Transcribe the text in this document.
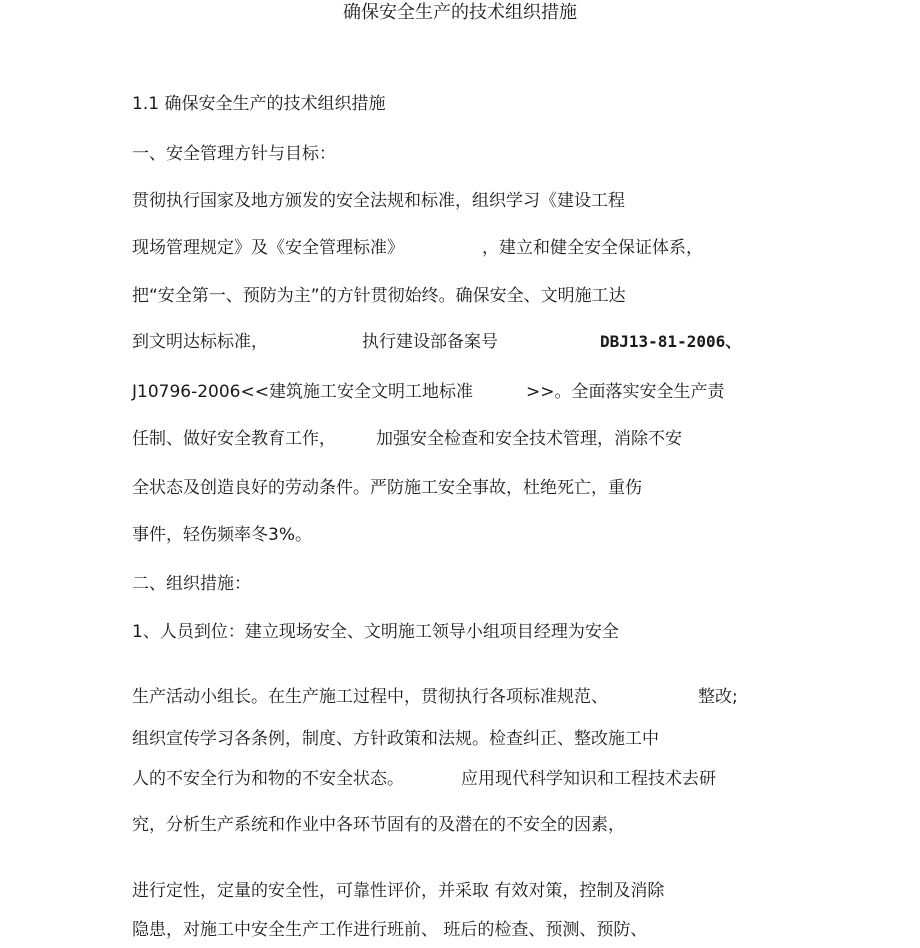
确保安全生产的技术组织措施
1.1 确保安全生产的技术组织措施
一、安全管理方针与目标：
贯彻执行国家及地方颁发的安全法规和标准，组织学习《建设工程
现场管理规定》及《安全管理标准》	，建立和健全安全保证体系，
把“安全第一、预防为主”的方针贯彻始终。确保安全、文明施工达
到文明达标标准，	执行建设部备案号	DBJ13-81-2006、
J10796-2006<<建筑施工安全文明工地标准	>>。全面落实安全生产责
任制、做好安全教育工作， 加强安全检查和安全技术管理，消除不安
全状态及创造良好的劳动条件。严防施工安全事故，杜绝死亡，重伤
事件，轻伤频率冬3%。
二、组织措施：
1、人员到位：建立现场安全、文明施工领导小组项目经理为安全
生产活动小组长。在生产施工过程中，贯彻执行各项标准规范、	整改;
组织宣传学习各条例，制度、方针政策和法规。检查纠正、整改施工中
人的不安全行为和物的不安全状态。	应用现代科学知识和工程技术去研
究，分析生产系统和作业中各环节固有的及潜在的不安全的因素，
进行定性，定量的安全性，可靠性评价，并采取 有效对策，控制及消除
隐患，对施工中安全生产工作进行班前、 班后的检查、预测、预防、
